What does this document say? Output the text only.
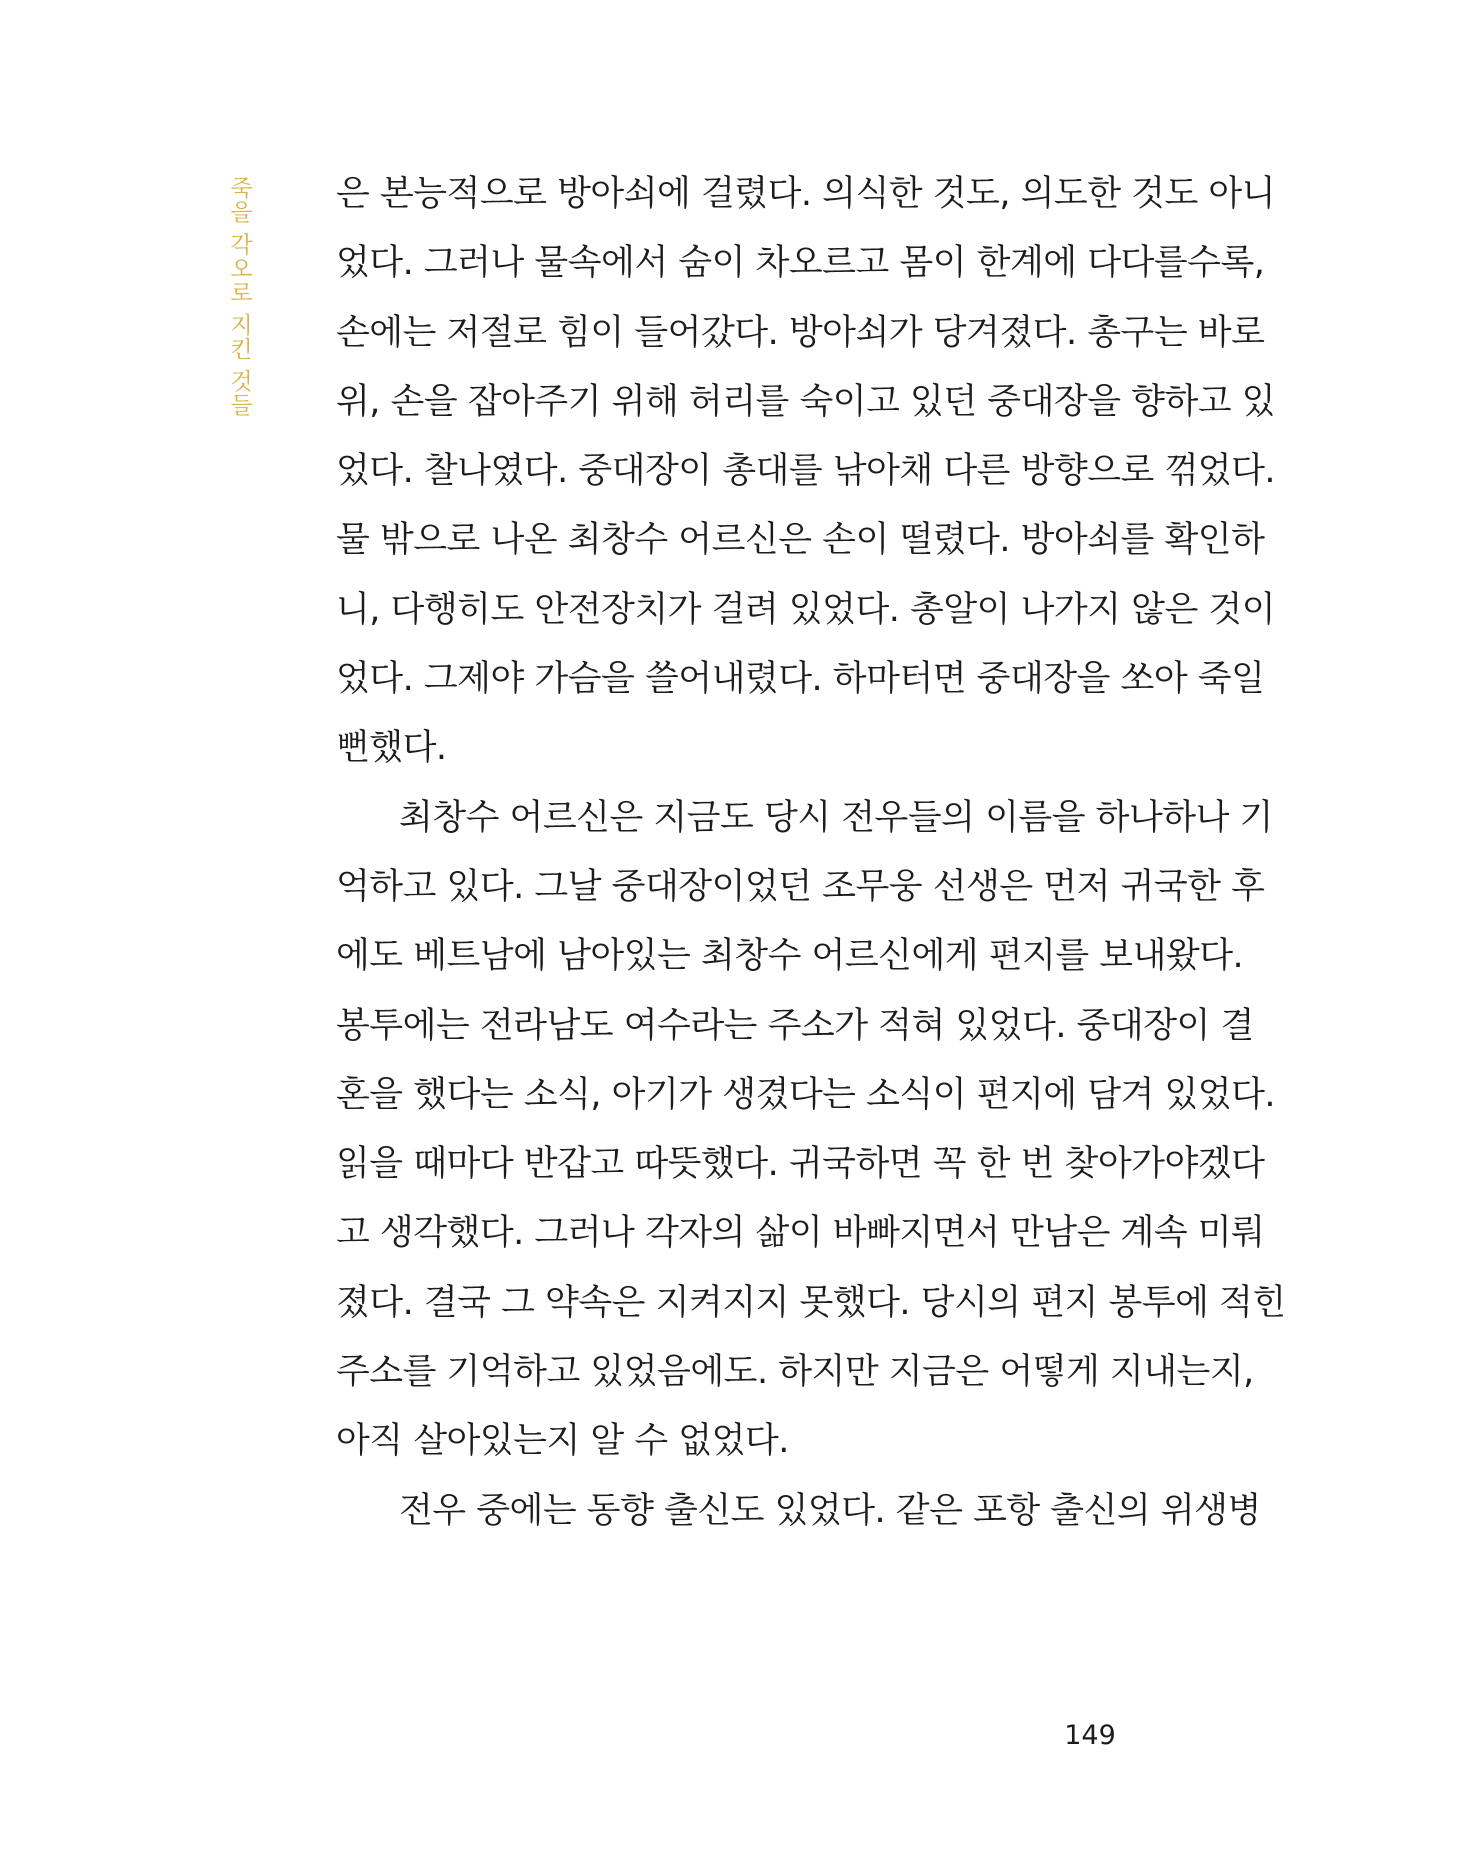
죽을 각오로 지킨 것들 은 본능적으로 방아쇠에 걸렸다. 의식한 것도, 의도한 것도 아니
었다. 그러나 물속에서 숨이 차오르고 몸이 한계에 다다를수록,
손에는 저절로 힘이 들어갔다. 방아쇠가 당겨졌다. 총구는 바로
위, 손을 잡아주기 위해 허리를 숙이고 있던 중대장을 향하고 있
었다. 찰나였다. 중대장이 총대를 낚아채 다른 방향으로 꺾었다.
물 밖으로 나온 최창수 어르신은 손이 떨렸다. 방아쇠를 확인하
니, 다행히도 안전장치가 걸려 있었다. 총알이 나가지 않은 것이
었다. 그제야 가슴을 쓸어내렸다. 하마터면 중대장을 쏘아 죽일
뻔했다.
최창수 어르신은 지금도 당시 전우들의 이름을 하나하나 기
억하고 있다. 그날 중대장이었던 조무웅 선생은 먼저 귀국한 후
에도 베트남에 남아있는 최창수 어르신에게 편지를 보내왔다.
봉투에는 전라남도 여수라는 주소가 적혀 있었다. 중대장이 결
혼을 했다는 소식, 아기가 생겼다는 소식이 편지에 담겨 있었다.
읽을 때마다 반갑고 따뜻했다. 귀국하면 꼭 한 번 찾아가야겠다
고 생각했다. 그러나 각자의 삶이 바빠지면서 만남은 계속 미뤄
졌다. 결국 그 약속은 지켜지지 못했다. 당시의 편지 봉투에 적힌
주소를 기억하고 있었음에도. 하지만 지금은 어떻게 지내는지,
아직 살아있는지 알 수 없었다.
전우 중에는 동향 출신도 있었다. 같은 포항 출신의 위생병
149
